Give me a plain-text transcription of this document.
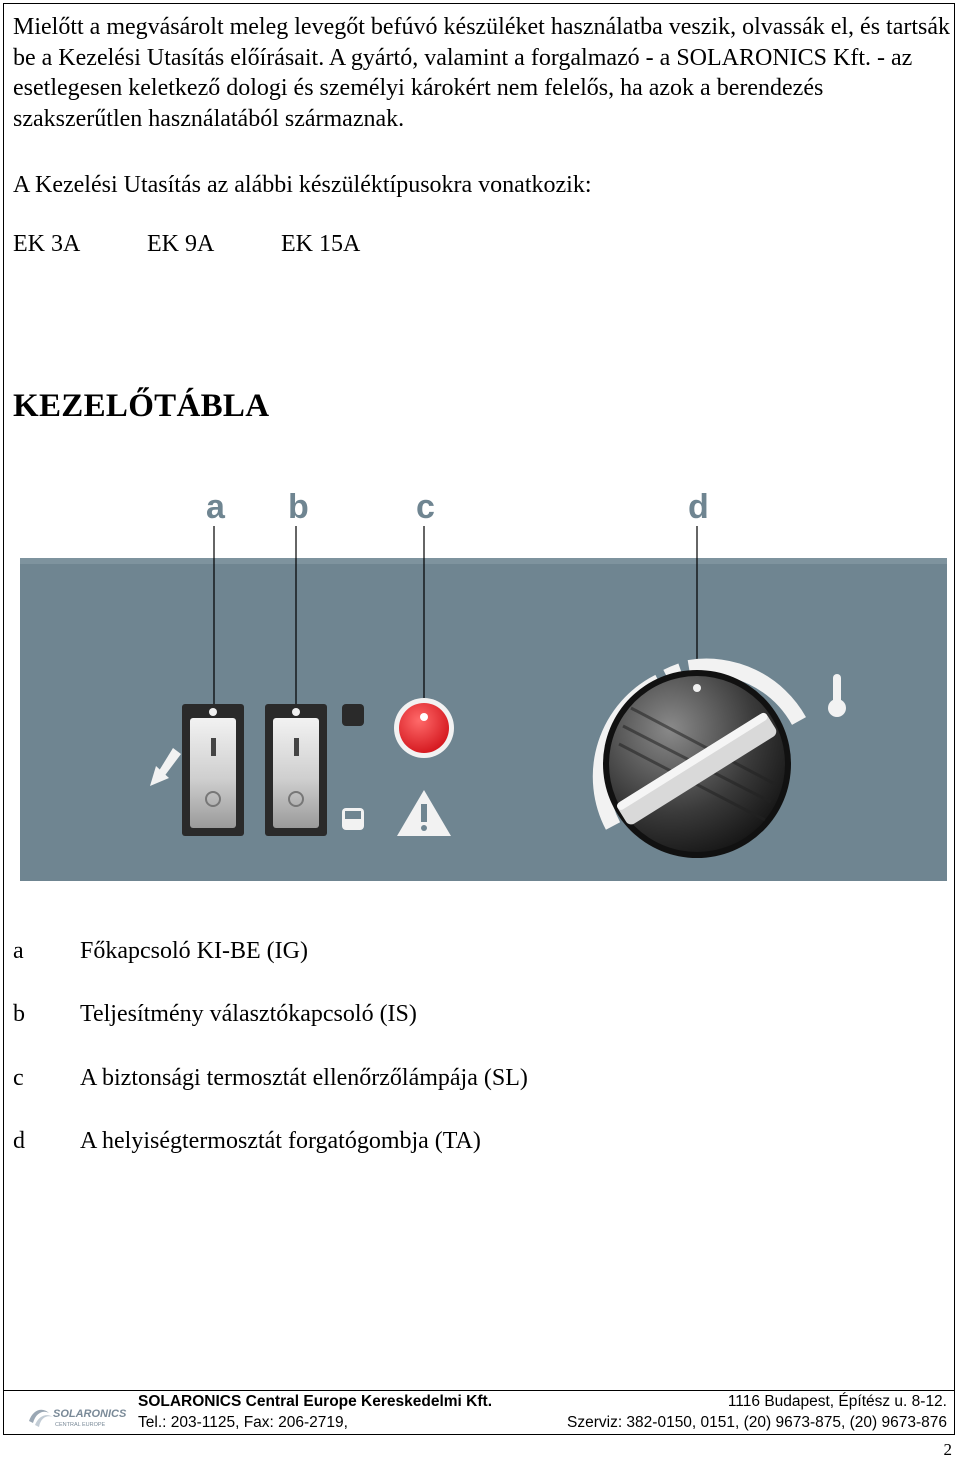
Mielőtt a megvásárolt meleg levegőt befúvó készüléket használatba veszik, olvassák el, és tartsák be a Kezelési Utasítás előírásait. A gyártó, valamint a forgalmazó - a SOLARONICS Kft. - az esetlegesen keletkező dologi és személyi károkért nem felelős, ha azok a berendezés szakszerűtlen használatából származnak.

A Kezelési Utasítás az alábbi készüléktípusokra vonatkozik:
EK 3A	EK 9A	EK 15A
KEZELŐTÁBLA
a b	c	d
a	Főkapcsoló KI-BE (IG)
b	Teljesítmény választókapcsoló (IS)
c	A biztonsági termosztát ellenőrzőlámpája (SL)
d	A helyiségtermosztát forgatógombja (TA)
SOLARONICS
CENTRAL EUROPE
SOLARONICS Central Europe Kereskedelmi Kft.
Tel.: 203-1125, Fax: 206-2719,
1116 Budapest, Építész u. 8-12.
Szerviz: 382-0150, 0151, (20) 9673-875, (20) 9673-876
2
